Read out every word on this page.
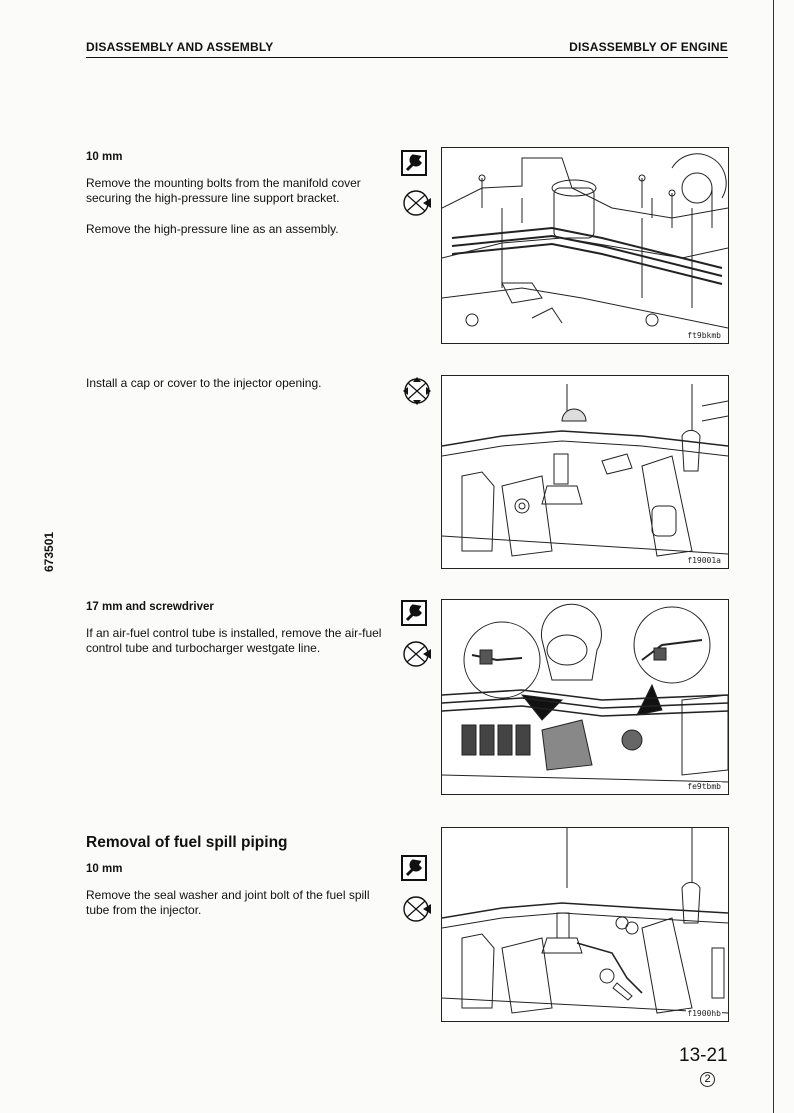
DISASSEMBLY AND ASSEMBLY	DISASSEMBLY OF ENGINE
673501
10 mm

Remove the mounting bolts from the manifold cover securing the high-pressure line support bracket.

Remove the high-pressure line as an assembly.

ft9bkmb

Install a cap or cover to the injector opening.

f19001a
17 mm and screwdriver

If an air-fuel control tube is installed, remove the air-fuel control tube and turbocharger westgate line.

fe9tbmb
Removal of fuel spill piping
10 mm

Remove the seal washer and joint bolt of the fuel spill tube from the injector.

f1900hb
13-21
2
